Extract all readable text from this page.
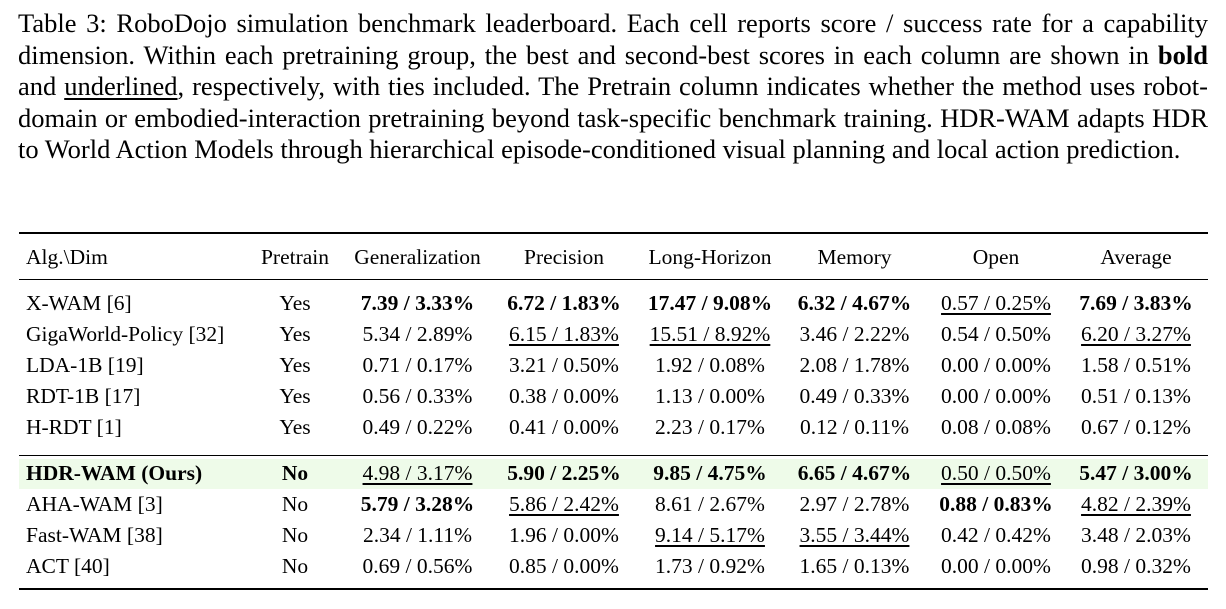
Table 3: RoboDojo simulation benchmark leaderboard. Each cell reports score / success rate for a capability dimension. Within each pretraining group, the best and second-best scores in each column are shown in bold and underlined, respectively, with ties included. The Pretrain column indicates whether the method uses robot-domain or embodied-interaction pretraining beyond task-specific benchmark training. HDR-WAM adapts HDR to World Action Models through hierarchical episode-conditioned visual planning and local action prediction.
Alg.\Dim	Pretrain	Generalization	Precision	Long-Horizon	Memory	Open	Average
X-WAM [6]	Yes	7.39 / 3.33%	6.72 / 1.83%	17.47 / 9.08%	6.32 / 4.67%	0.57 / 0.25%	7.69 / 3.83%
GigaWorld-Policy [32]	Yes	5.34 / 2.89%	6.15 / 1.83%	15.51 / 8.92%	3.46 / 2.22%	0.54 / 0.50%	6.20 / 3.27%
LDA-1B [19]	Yes	0.71 / 0.17%	3.21 / 0.50%	1.92 / 0.08%	2.08 / 1.78%	0.00 / 0.00%	1.58 / 0.51%
RDT-1B [17]	Yes	0.56 / 0.33%	0.38 / 0.00%	1.13 / 0.00%	0.49 / 0.33%	0.00 / 0.00%	0.51 / 0.13%
H-RDT [1]	Yes	0.49 / 0.22%	0.41 / 0.00%	2.23 / 0.17%	0.12 / 0.11%	0.08 / 0.08%	0.67 / 0.12%
HDR-WAM (Ours)	No	4.98 / 3.17%	5.90 / 2.25%	9.85 / 4.75%	6.65 / 4.67%	0.50 / 0.50%	5.47 / 3.00%
AHA-WAM [3]	No	5.79 / 3.28%	5.86 / 2.42%	8.61 / 2.67%	2.97 / 2.78%	0.88 / 0.83%	4.82 / 2.39%
Fast-WAM [38]	No	2.34 / 1.11%	1.96 / 0.00%	9.14 / 5.17%	3.55 / 3.44%	0.42 / 0.42%	3.48 / 2.03%
ACT [40]	No	0.69 / 0.56%	0.85 / 0.00%	1.73 / 0.92%	1.65 / 0.13%	0.00 / 0.00%	0.98 / 0.32%
